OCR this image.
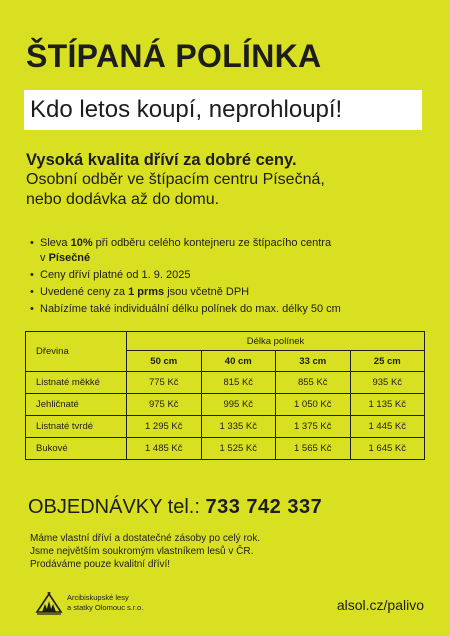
ŠTÍPANÁ POLÍNKA
Kdo letos koupí, neprohloupí!
Vysoká kvalita dříví za dobré ceny.
Osobní odběr ve štípacím centru Písečná,
nebo dodávka až do domu.
• Sleva 10% při odběru celého kontejneru ze štípacího centra
v Písečné
• Ceny dříví platné od 1. 9. 2025
• Uvedené ceny za 1 prms jsou včetně DPH
• Nabízíme také individuální délku polínek do max. délky 50 cm
Dřevina	Délka polínek			
	50 cm	40 cm	33 cm	25 cm
Listnaté měkké	775 Kč	815 Kč	855 Kč	935 Kč
Jehličnaté	975 Kč	995 Kč	1 050 Kč	1 135 Kč
Listnaté tvrdé	1 295 Kč	1 335 Kč	1 375 Kč	1 445 Kč
Bukové	1 485 Kč	1 525 Kč	1 565 Kč	1 645 Kč
OBJEDNÁVKY tel.: 733 742 337

Máme vlastní dříví a dostatečné zásoby po celý rok.

Jsme největším soukromým vlastníkem lesů v ČR.

Prodáváme pouze kvalitní dříví!

Arcibiskupské lesy
a statky Olomouc s.r.o.	alsol.cz/palivo
